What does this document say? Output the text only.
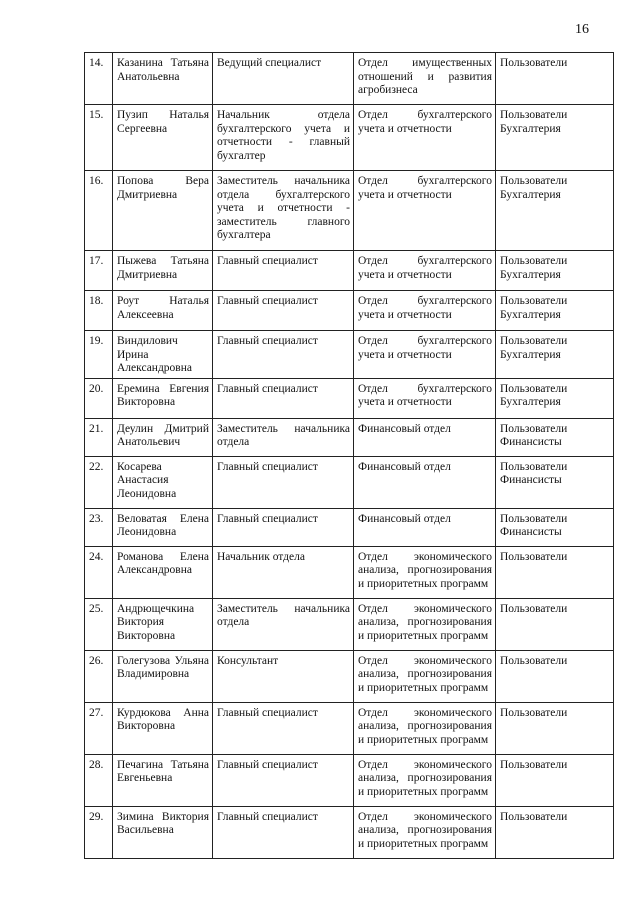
16
14.	Казанина Татьяна Анатольевна	Ведущий специалист	Отдел имущественных отношений и развития агробизнеса	Пользователи

15.	Пузип Наталья Сергеевна	Начальник отдела бухгалтерского учета и отчетности - главный бухгалтер	Отдел бухгалтерского учета и отчетности	Пользователи
Бухгалтерия

16.	Попова Вера Дмитриевна	Заместитель начальника отдела бухгалтерского учета и отчетности - заместитель главного бухгалтера	Отдел бухгалтерского учета и отчетности	Пользователи
Бухгалтерия

17.	Пыжева Татьяна Дмитриевна	Главный специалист	Отдел бухгалтерского учета и отчетности	Пользователи
Бухгалтерия

18.	Роут Наталья Алексеевна	Главный специалист	Отдел бухгалтерского учета и отчетности	Пользователи
Бухгалтерия

19.	Виндилович Ирина Александровна	Главный специалист	Отдел бухгалтерского учета и отчетности	Пользователи
Бухгалтерия

20.	Еремина Евгения Викторовна	Главный специалист	Отдел бухгалтерского учета и отчетности	Пользователи
Бухгалтерия

21.	Деулин Дмитрий Анатольевич	Заместитель начальника отдела	Финансовый отдел	Пользователи
Финансисты

22.	Косарева Анастасия Леонидовна	Главный специалист	Финансовый отдел	Пользователи
Финансисты

23.	Веловатая Елена Леонидовна	Главный специалист	Финансовый отдел	Пользователи
Финансисты

24.	Романова Елена Александровна	Начальник отдела	Отдел экономического анализа, прогнозирования и приоритетных программ	Пользователи

25.	Андрющечкина Виктория Викторовна	Заместитель начальника отдела	Отдел экономического анализа, прогнозирования и приоритетных программ	Пользователи

26.	Голегузова Ульяна Владимировна	Консультант	Отдел экономического анализа, прогнозирования и приоритетных программ	Пользователи

27.	Курдюкова Анна Викторовна	Главный специалист	Отдел экономического анализа, прогнозирования и приоритетных программ	Пользователи

28.	Печагина Татьяна Евгеньевна	Главный специалист	Отдел экономического анализа, прогнозирования и приоритетных программ	Пользователи

29.	Зимина Виктория Васильевна	Главный специалист	Отдел экономического анализа, прогнозирования и приоритетных программ	Пользователи
